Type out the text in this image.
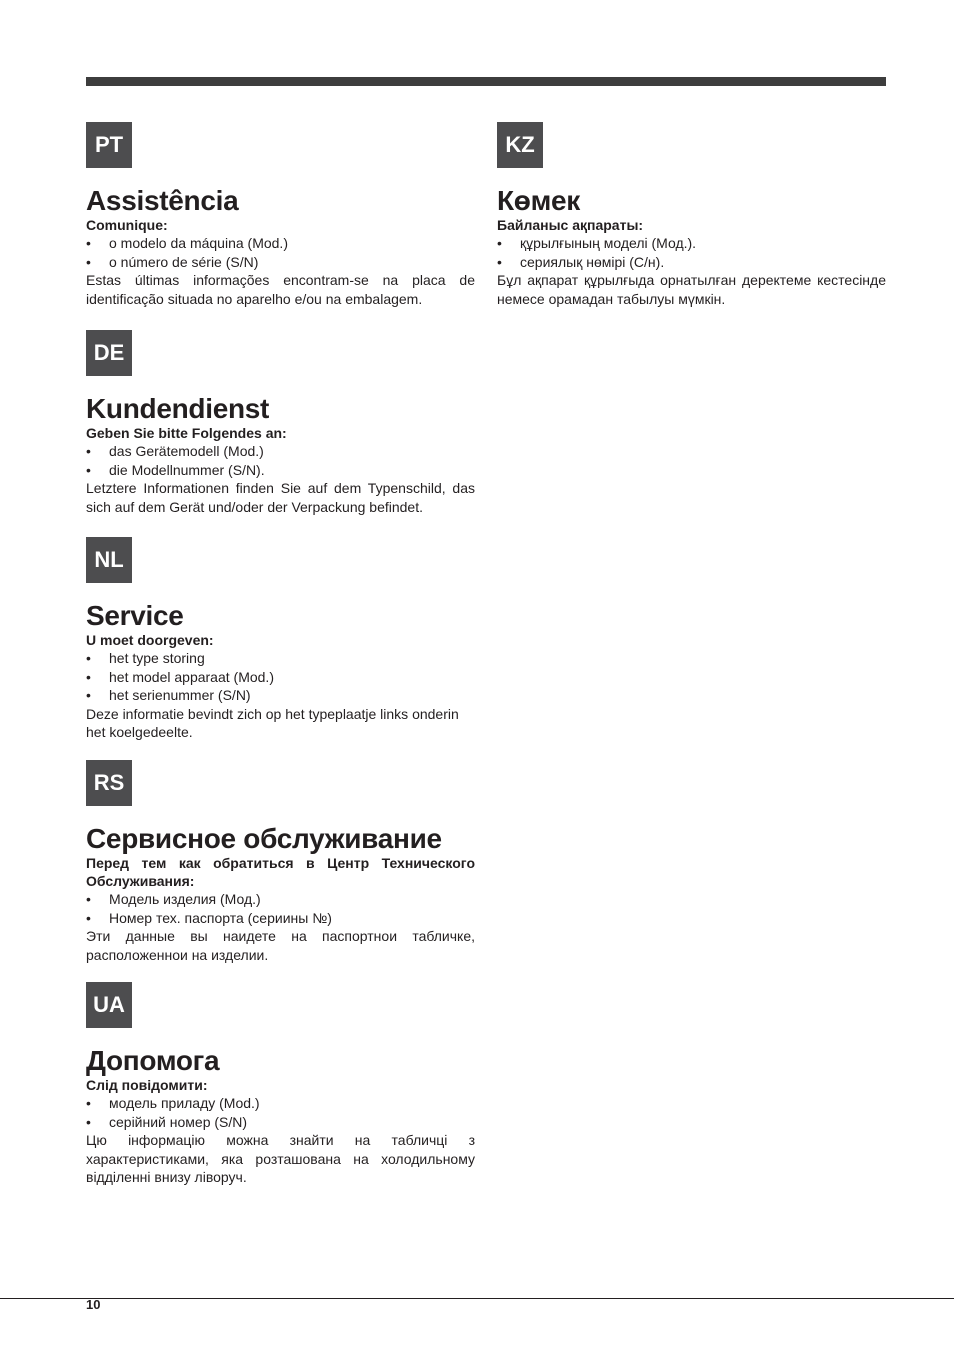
PT
Assistência
Comunique:
• o modelo da máquina (Mod.)
• o número de série (S/N)

Estas últimas informações encontram-se na placa de identificação situada no aparelho e/ou na embalagem.

DE
Kundendienst
Geben Sie bitte Folgendes an:
• das Gerätemodell (Mod.)
• die Modellnummer (S/N).

Letztere Informationen finden Sie auf dem Typenschild, das sich auf dem Gerät und/oder der Verpackung befindet.

NL
Service
U moet doorgeven:
• het type storing
• het model apparaat (Mod.)
• het serienummer (S/N)

Deze informatie bevindt zich op het typeplaatje links onderin het koelgedeelte.

RS
Сервисное обслуживание
Перед тем как обратиться в Центр Технического Обслуживания:
• Модель изделия (Мод.)
• Номер тех. паспорта (сериины №)

Эти данные вы наидете на паспортнои табличке, расположеннои на изделии.

UA
Допомога
Слід повідомити:
• модель приладу (Mod.)
• серійний номер (S/N)

Цю інформацію можна знайти на табличці з характеристиками, яка розташована на холодильному відділенні внизу ліворуч.

KZ
Көмек
Байланыс ақпараты:
• құрылғының моделі (Мод.).
• сериялық нөмірі (С/н).

Бұл ақпарат құрылғыда орнатылған деректеме кестесінде немесе орамадан табылуы мүмкін.

10
